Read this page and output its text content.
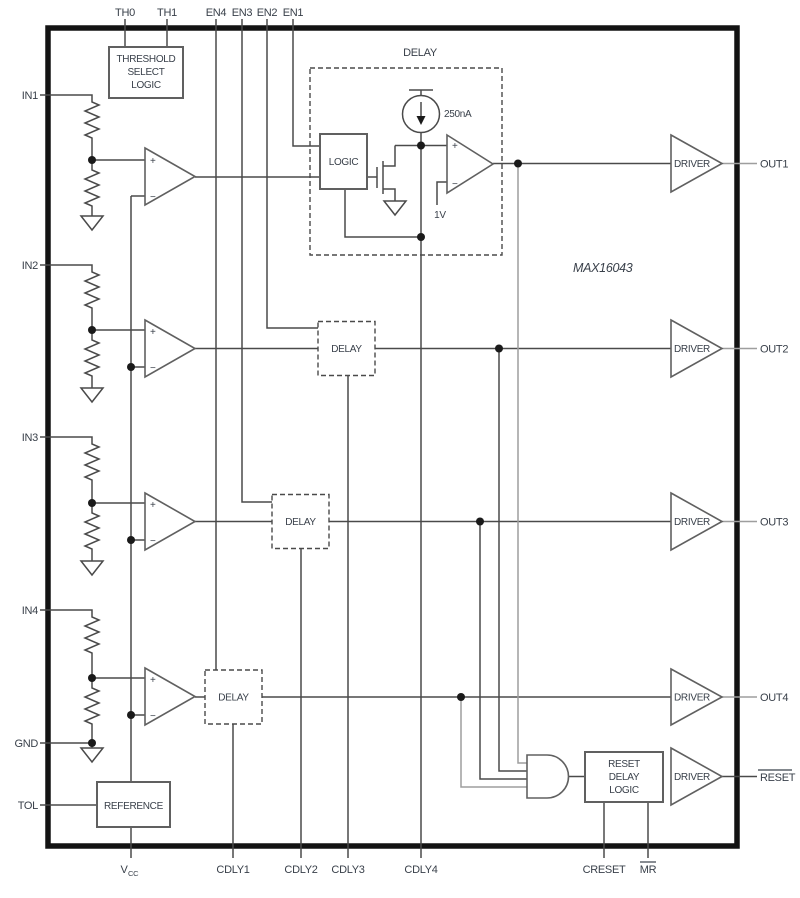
+
−
+
−
+
−
+
−
DELAY
LOGIC
250nA
+
−
1V
DELAY
DELAY
DELAY
THRESHOLD
SELECT
LOGIC
REFERENCE
RESET
DELAY
LOGIC
DRIVER
DRIVER
DRIVER
DRIVER
DRIVER
MAX16043
TH0 TH1	EN4 EN3 EN2 EN1
IN1
IN2
IN3
IN4
GND
TOL
OUT1
OUT2
OUT3
OUT4
RESET
V CC	CDLY1	CDLY2 CDLY3	CDLY4	CRESET MR
